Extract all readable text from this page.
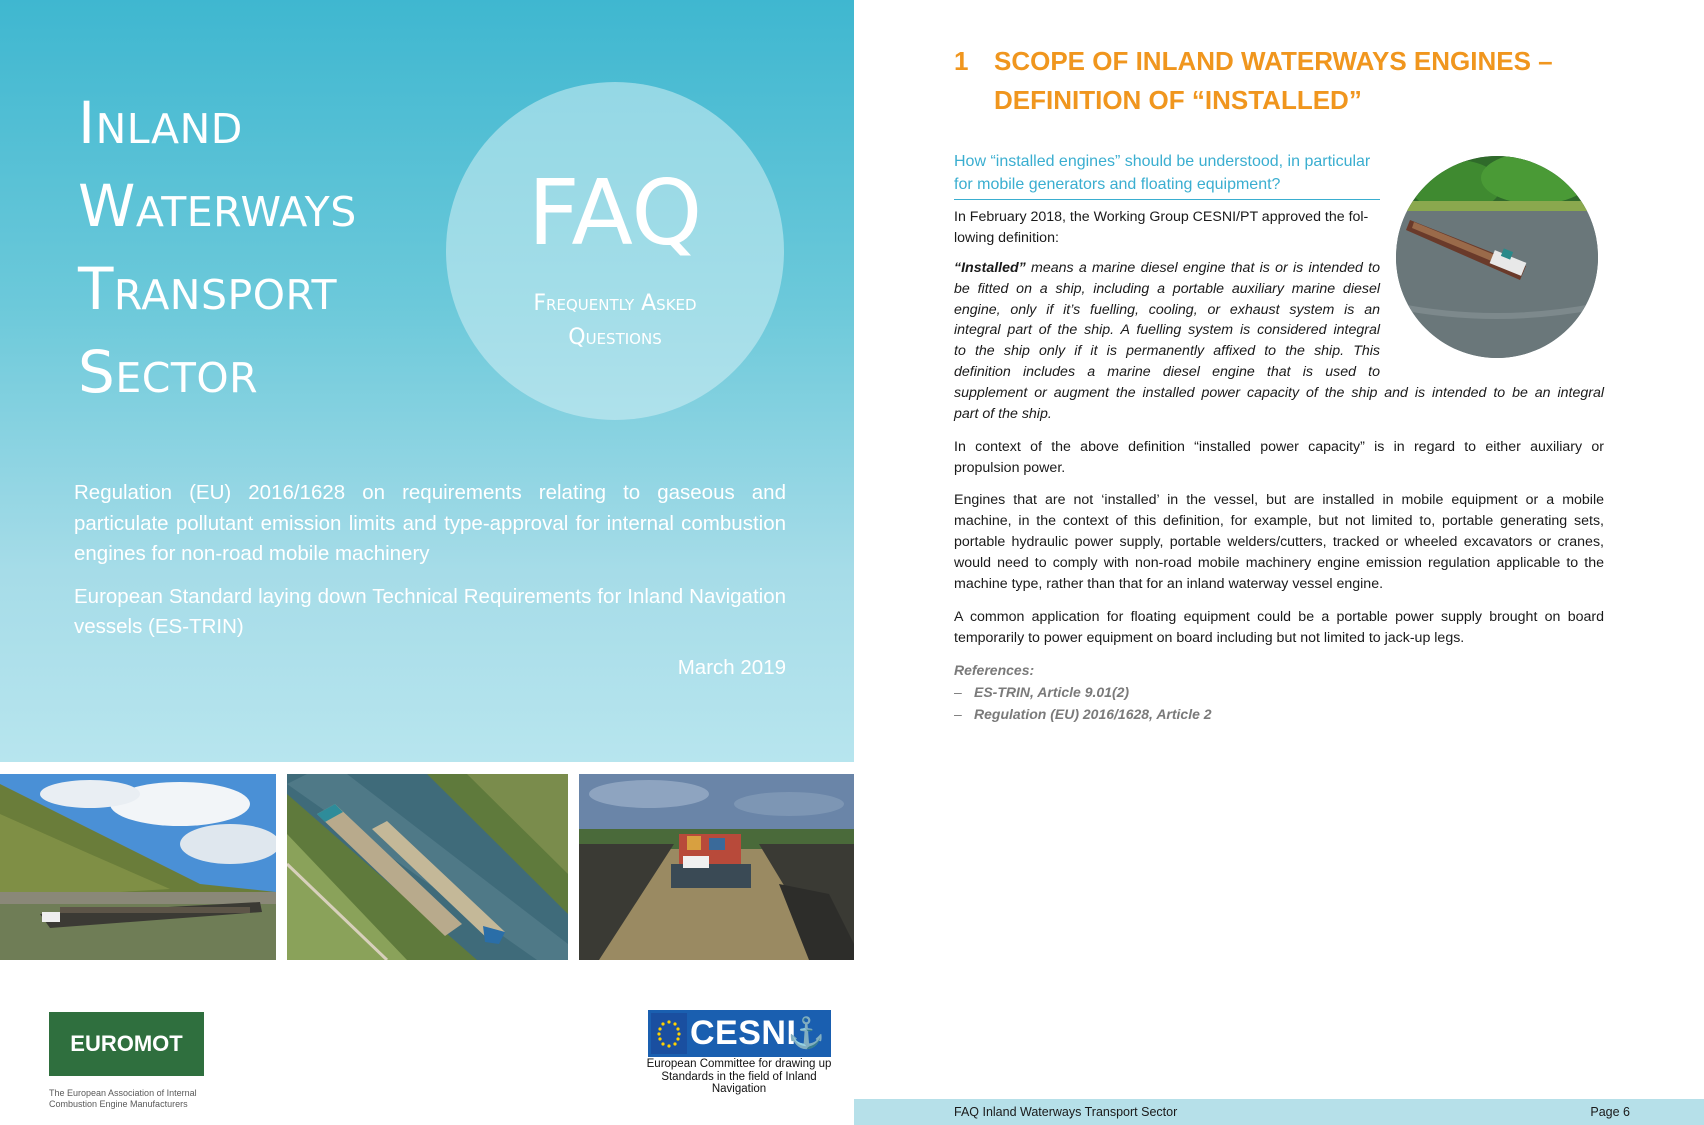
Inland
Waterways
Transport
Sector
FAQ
Frequently Asked
Questions

Regulation (EU) 2016/1628 on requirements relating to gaseous and particulate pollutant emission limits and type-approval for internal combustion engines for non-road mobile machinery

European Standard laying down Technical Requirements for Inland Navigation vessels (ES-TRIN)

March 2019
EUROMOT
The European Association of Internal
Combustion Engine Manufacturers
CESNI
⚓
European Committee for drawing up
Standards in the field of Inland
Navigation
1 SCOPE OF INLAND WATERWAYS ENGINES –
DEFINITION OF “INSTALLED”
How “installed engines” should be understood, in particular
for mobile generators and floating equipment?
In February 2018, the Working Group CESNI/PT approved the fol-
lowing definition:
“Installed” means a marine diesel engine that is or is intended to
be fitted on a ship, including a portable auxiliary marine diesel
engine, only if it’s fuelling, cooling, or exhaust system is an
integral part of the ship. A fuelling system is considered integral
to the ship only if it is permanently affixed to the ship. This
definition includes a marine diesel engine that is used to
supplement or augment the installed power capacity of the ship and is intended to be an integral
part of the ship.
In context of the above definition “installed power capacity” is in regard to either auxiliary or
propulsion power.
Engines that are not ‘installed’ in the vessel, but are installed in mobile equipment or a mobile
machine, in the context of this definition, for example, but not limited to, portable generating sets,
portable hydraulic power supply, portable welders/cutters, tracked or wheeled excavators or cranes,
would need to comply with non-road mobile machinery engine emission regulation applicable to the
machine type, rather than that for an inland waterway vessel engine.
A common application for floating equipment could be a portable power supply brought on board
temporarily to power equipment on board including but not limited to jack-up legs.
References:
– ES-TRIN, Article 9.01(2)
– Regulation (EU) 2016/1628, Article 2
FAQ Inland Waterways Transport Sector	Page 6
